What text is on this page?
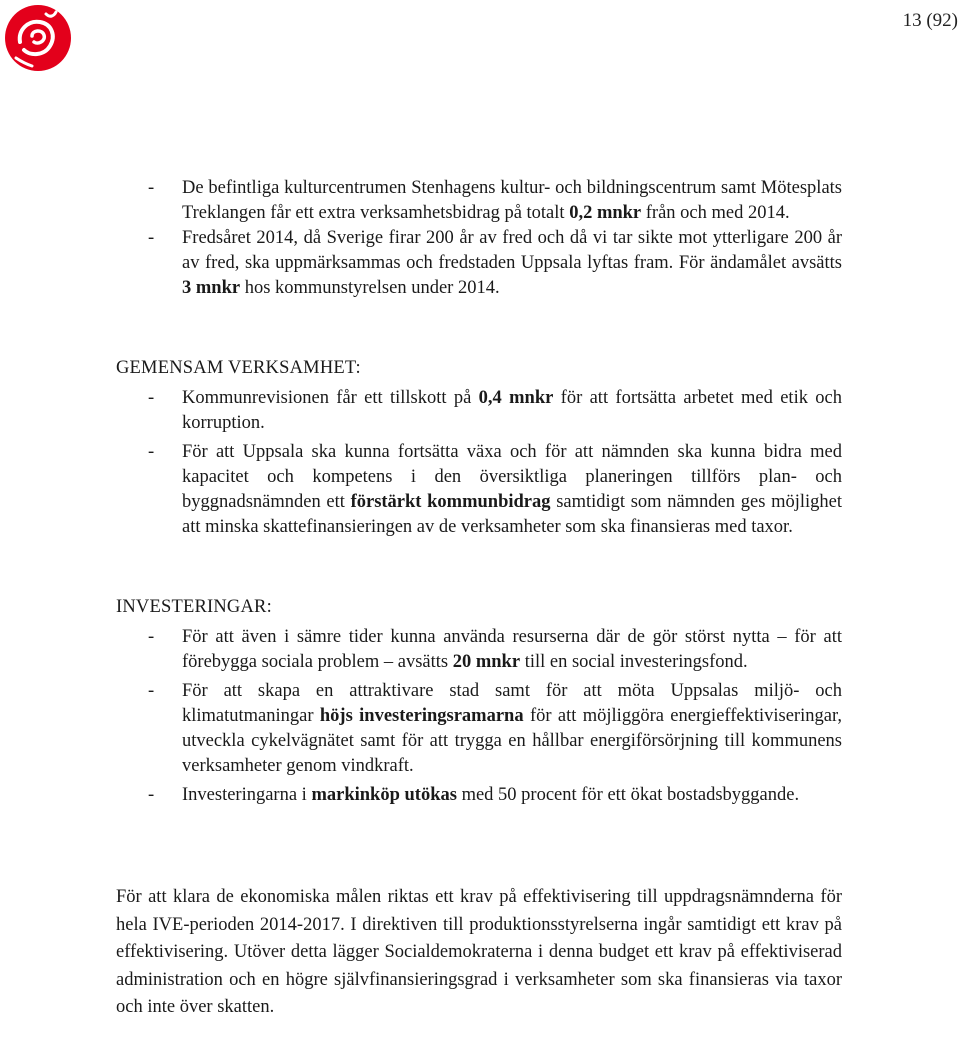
13 (92)
- De befintliga kulturcentrumen Stenhagens kultur- och bildningscentrum samt Mötesplats Treklangen får ett extra verksamhetsbidrag på totalt 0,2 mnkr från och med 2014.
- Fredsåret 2014, då Sverige firar 200 år av fred och då vi tar sikte mot ytterligare 200 år av fred, ska uppmärksammas och fredstaden Uppsala lyftas fram. För ändamålet avsätts 3 mnkr hos kommunstyrelsen under 2014.
GEMENSAM VERKSAMHET:
- Kommunrevisionen får ett tillskott på 0,4 mnkr för att fortsätta arbetet med etik och korruption.
- För att Uppsala ska kunna fortsätta växa och för att nämnden ska kunna bidra med kapacitet och kompetens i den översiktliga planeringen tillförs plan- och byggnadsnämnden ett förstärkt kommunbidrag samtidigt som nämnden ges möjlighet att minska skattefinansieringen av de verksamheter som ska finansieras med taxor.
INVESTERINGAR:
- För att även i sämre tider kunna använda resurserna där de gör störst nytta – för att förebygga sociala problem – avsätts 20 mnkr till en social investeringsfond.
- För att skapa en attraktivare stad samt för att möta Uppsalas miljö- och klimatutmaningar höjs investeringsramarna för att möjliggöra energieffektiviseringar, utveckla cykelvägnätet samt för att trygga en hållbar energiförsörjning till kommunens verksamheter genom vindkraft.
- Investeringarna i markinköp utökas med 50 procent för ett ökat bostadsbyggande.

För att klara de ekonomiska målen riktas ett krav på effektivisering till uppdragsnämnderna för hela IVE-perioden 2014-2017. I direktiven till produktionsstyrelserna ingår samtidigt ett krav på effektivisering. Utöver detta lägger Socialdemokraterna i denna budget ett krav på effektiviserad administration och en högre självfinansieringsgrad i verksamheter som ska finansieras via taxor och inte över skatten.
